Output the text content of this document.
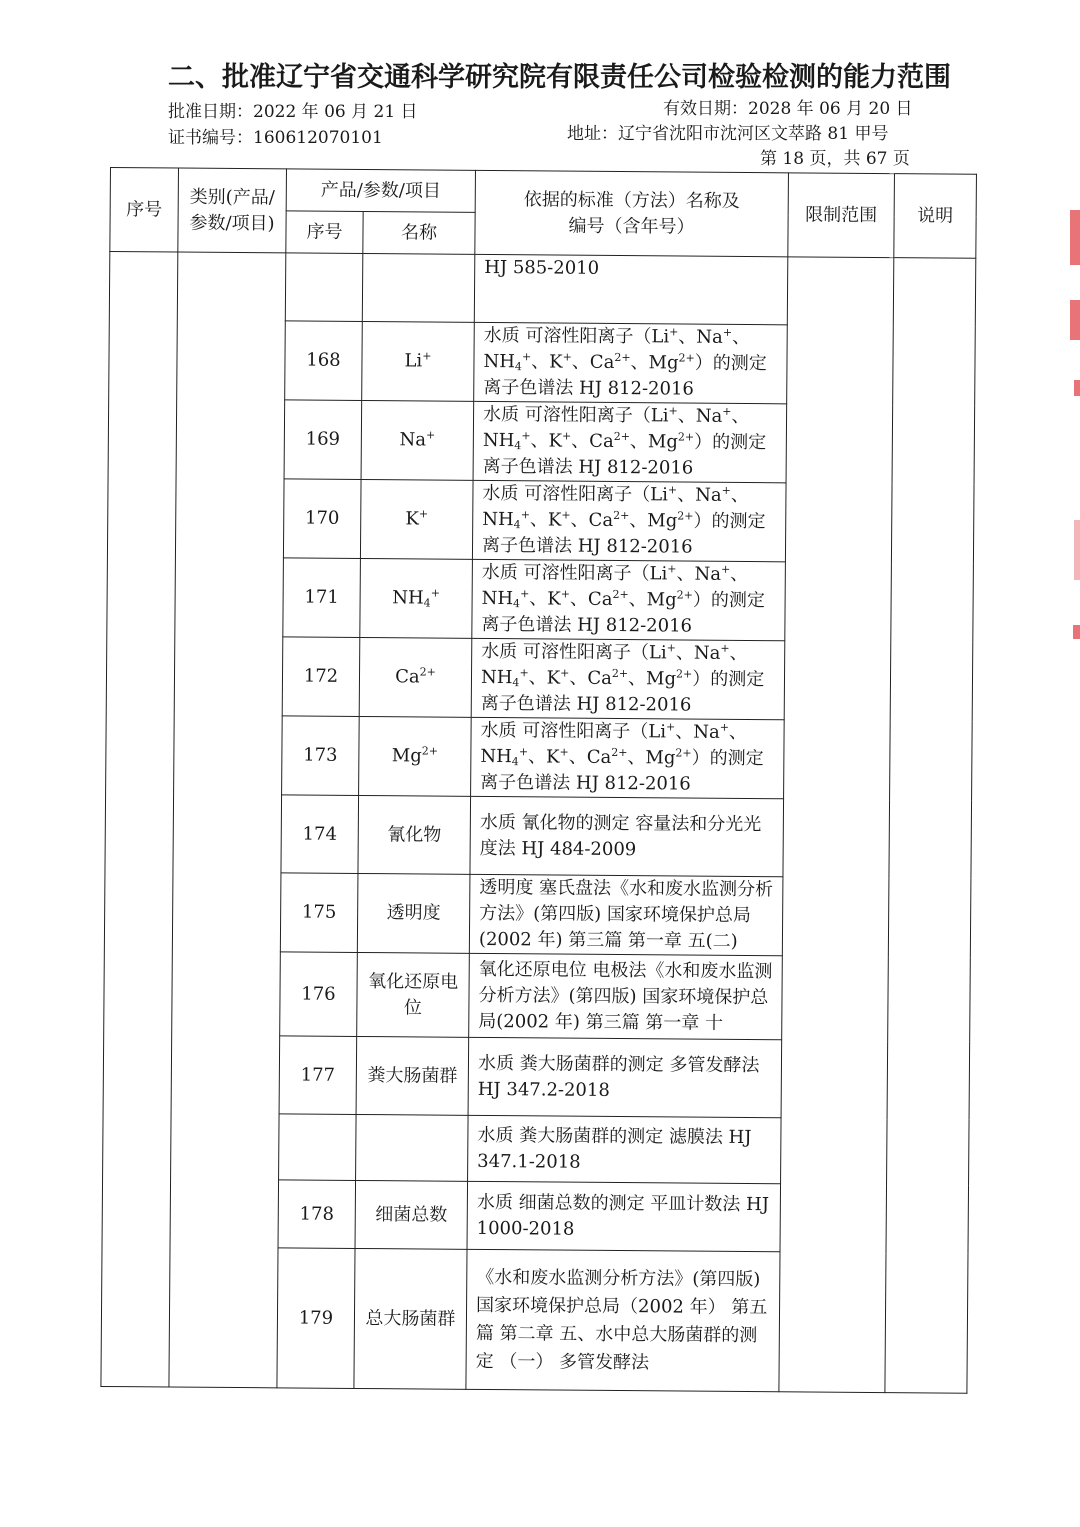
二、批准辽宁省交通科学研究院有限责任公司检验检测的能力范围
批准日期：2022 年 06 月 21 日	有效日期：2028 年 06 月 20 日
证书编号：160612070101	地址：辽宁省沈阳市沈河区文萃路 81 甲号
第 18 页，共 67 页
序号	类别(产品/参数/项目)	产品/参数/项目		依据的标准（方法）名称及编号（含年号）	限制范围	说明
		序号	名称			
				HJ 585-2010		
		168	Li+	水质 可溶性阳离子（Li+、Na+、$NH_4^+$、K+、$Ca^{2+}$、$Mg^{2+}$）的测定 离子色谱法 HJ 812-2016		
		169	Na+	水质 可溶性阳离子（Li+、Na+、$NH_4^+$、K+、$Ca^{2+}$、$Mg^{2+}$）的测定 离子色谱法 HJ 812-2016		
		170	K+	水质 可溶性阳离子（Li+、Na+、$NH_4^+$、K+、$Ca^{2+}$、$Mg^{2+}$）的测定 离子色谱法 HJ 812-2016		
		171	$NH_4^+$	水质 可溶性阳离子（Li+、Na+、$NH_4^+$、K+、$Ca^{2+}$、$Mg^{2+}$）的测定 离子色谱法 HJ 812-2016		
		172	$Ca^{2+}$	水质 可溶性阳离子（Li+、Na+、$NH_4^+$、K+、$Ca^{2+}$、$Mg^{2+}$）的测定 离子色谱法 HJ 812-2016		
		173	$Mg^{2+}$	水质 可溶性阳离子（Li+、Na+、$NH_4^+$、K+、$Ca^{2+}$、$Mg^{2+}$）的测定 离子色谱法 HJ 812-2016		
		174	氰化物	水质 氰化物的测定 容量法和分光光度法 HJ 484-2009		
		175	透明度	透明度 塞氏盘法《水和废水监测分析方法》(第四版) 国家环境保护总局(2002 年) 第三篇 第一章 五(二)		
		176	氧化还原电位	氧化还原电位 电极法《水和废水监测分析方法》(第四版) 国家环境保护总局(2002 年) 第三篇 第一章 十		
		177	粪大肠菌群	水质 粪大肠菌群的测定 多管发酵法 HJ 347.2-2018		
				水质 粪大肠菌群的测定 滤膜法 HJ 347.1-2018		
		178	细菌总数	水质 细菌总数的测定 平皿计数法 HJ 1000-2018		
		179	总大肠菌群	《水和废水监测分析方法》(第四版) 国家环境保护总局（2002 年） 第五篇 第二章 五、水中总大肠菌群的测定 （一） 多管发酵法		
